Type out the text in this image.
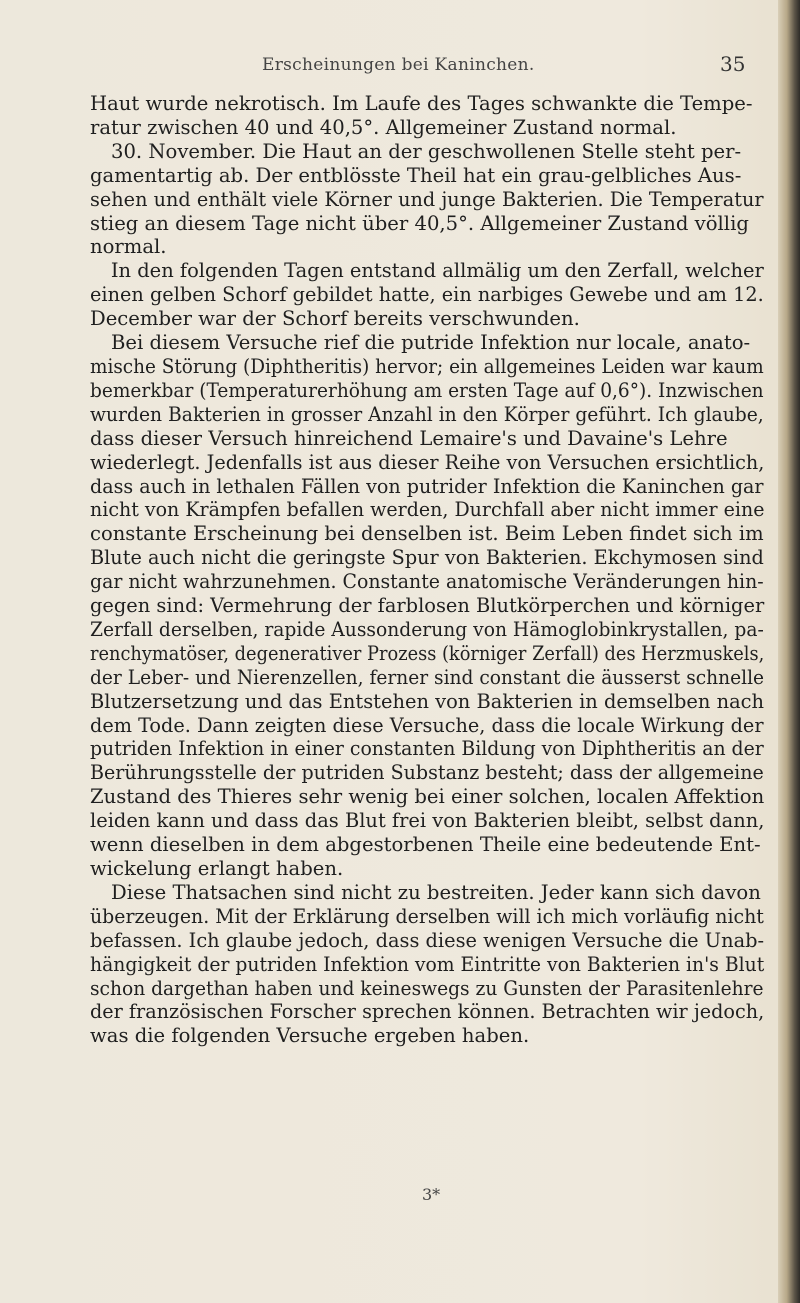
Erscheinungen bei Kaninchen.	35

Haut wurde nekrotisch. Im Laufe des Tages schwankte die Tempe-

ratur zwischen 40 und 40,5°. Allgemeiner Zustand normal.

30. November. Die Haut an der geschwollenen Stelle steht per-

gamentartig ab. Der entblösste Theil hat ein grau-gelbliches Aus-

sehen und enthält viele Körner und junge Bakterien. Die Temperatur

stieg an diesem Tage nicht über 40,5°. Allgemeiner Zustand völlig

normal.

In den folgenden Tagen entstand allmälig um den Zerfall, welcher

einen gelben Schorf gebildet hatte, ein narbiges Gewebe und am 12.

December war der Schorf bereits verschwunden.

Bei diesem Versuche rief die putride Infektion nur locale, anato-

mische Störung (Diphtheritis) hervor; ein allgemeines Leiden war kaum

bemerkbar (Temperaturerhöhung am ersten Tage auf 0,6°). Inzwischen

wurden Bakterien in grosser Anzahl in den Körper geführt. Ich glaube,

dass dieser Versuch hinreichend Lemaire's und Davaine's Lehre

wiederlegt. Jedenfalls ist aus dieser Reihe von Versuchen ersichtlich,

dass auch in lethalen Fällen von putrider Infektion die Kaninchen gar

nicht von Krämpfen befallen werden, Durchfall aber nicht immer eine

constante Erscheinung bei denselben ist. Beim Leben findet sich im

Blute auch nicht die geringste Spur von Bakterien. Ekchymosen sind

gar nicht wahrzunehmen. Constante anatomische Veränderungen hin-

gegen sind: Vermehrung der farblosen Blutkörperchen und körniger

Zerfall derselben, rapide Aussonderung von Hämoglobinkrystallen, pa-

renchymatöser, degenerativer Prozess (körniger Zerfall) des Herzmuskels,

der Leber- und Nierenzellen, ferner sind constant die äusserst schnelle

Blutzersetzung und das Entstehen von Bakterien in demselben nach

dem Tode. Dann zeigten diese Versuche, dass die locale Wirkung der

putriden Infektion in einer constanten Bildung von Diphtheritis an der

Berührungsstelle der putriden Substanz besteht; dass der allgemeine

Zustand des Thieres sehr wenig bei einer solchen, localen Affektion

leiden kann und dass das Blut frei von Bakterien bleibt, selbst dann,

wenn dieselben in dem abgestorbenen Theile eine bedeutende Ent-

wickelung erlangt haben.

Diese Thatsachen sind nicht zu bestreiten. Jeder kann sich davon

überzeugen. Mit der Erklärung derselben will ich mich vorläufig nicht

befassen. Ich glaube jedoch, dass diese wenigen Versuche die Unab-

hängigkeit der putriden Infektion vom Eintritte von Bakterien in's Blut

schon dargethan haben und keineswegs zu Gunsten der Parasitenlehre

der französischen Forscher sprechen können. Betrachten wir jedoch,

was die folgenden Versuche ergeben haben.

3*
